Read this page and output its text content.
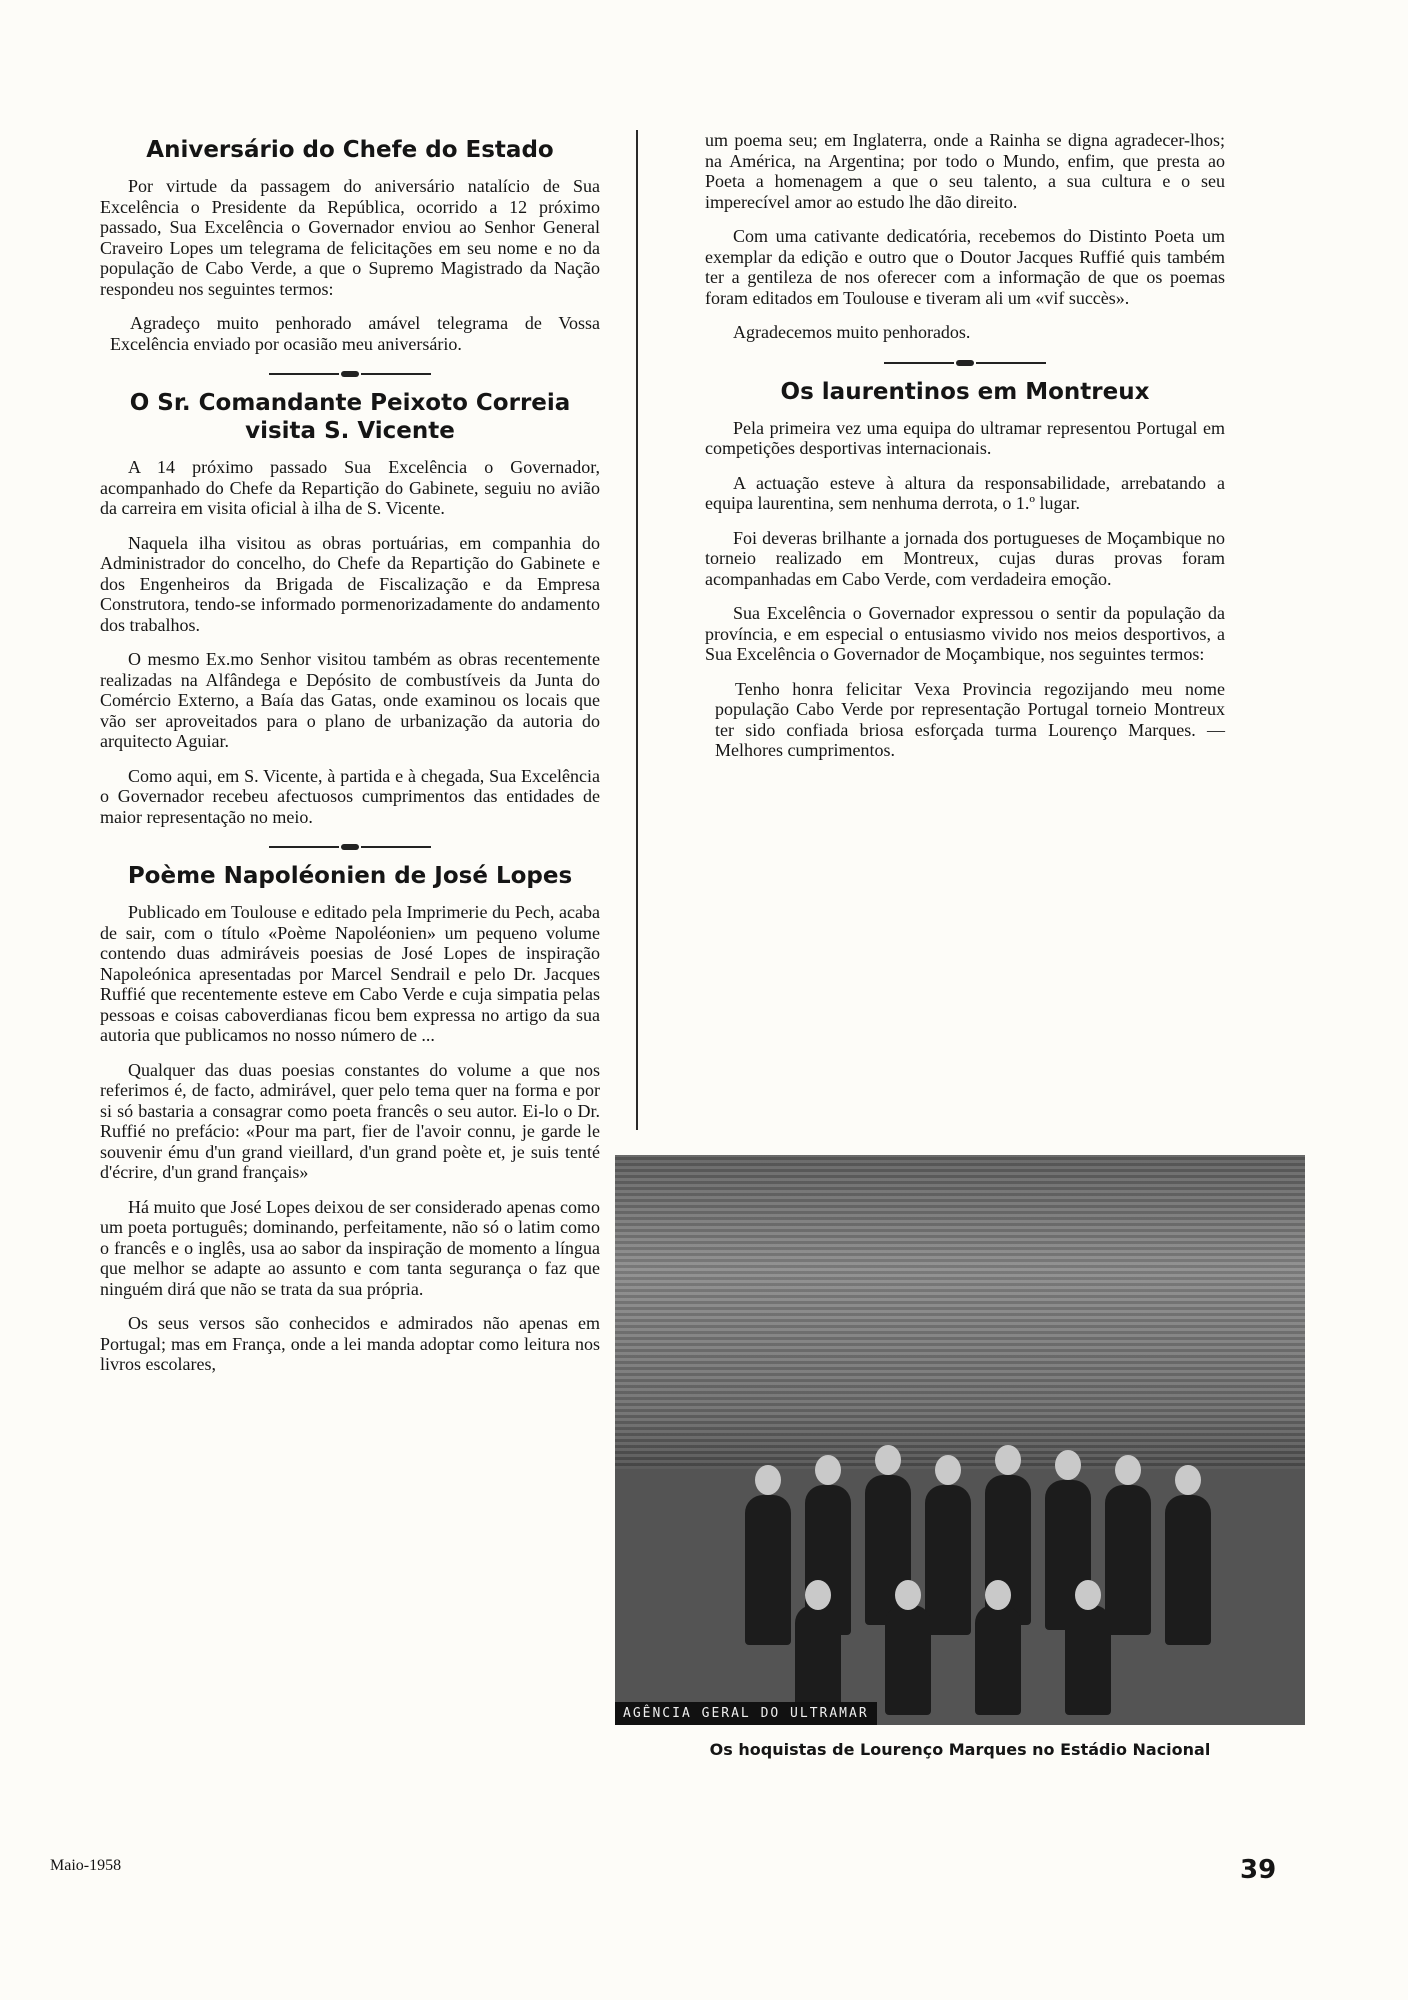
Aniversário do Chefe do Estado

Por virtude da passagem do aniversário natalício de Sua Excelência o Presidente da República, ocorrido a 12 próximo passado, Sua Excelência o Governador enviou ao Senhor General Craveiro Lopes um telegrama de felicitações em seu nome e no da população de Cabo Verde, a que o Supremo Magistrado da Nação respondeu nos seguintes termos:

Agradeço muito penhorado amável telegrama de Vossa Excelência enviado por ocasião meu aniversário.

O Sr. Comandante Peixoto Correia visita S. Vicente

A 14 próximo passado Sua Excelência o Governador, acompanhado do Chefe da Repartição do Gabinete, seguiu no avião da carreira em visita oficial à ilha de S. Vicente.

Naquela ilha visitou as obras portuárias, em companhia do Administrador do concelho, do Chefe da Repartição do Gabinete e dos Engenheiros da Brigada de Fiscalização e da Empresa Construtora, tendo-se informado pormenorizadamente do andamento dos trabalhos.

O mesmo Ex.mo Senhor visitou também as obras recentemente realizadas na Alfândega e Depósito de combustíveis da Junta do Comércio Externo, a Baía das Gatas, onde examinou os locais que vão ser aproveitados para o plano de urbanização da autoria do arquitecto Aguiar.

Como aqui, em S. Vicente, à partida e à chegada, Sua Excelência o Governador recebeu afectuosos cumprimentos das entidades de maior representação no meio.

Poème Napoléonien de José Lopes

Publicado em Toulouse e editado pela Imprimerie du Pech, acaba de sair, com o título «Poème Napoléonien» um pequeno volume contendo duas admiráveis poesias de José Lopes de inspiração Napoleónica apresentadas por Marcel Sendrail e pelo Dr. Jacques Ruffié que recentemente esteve em Cabo Verde e cuja simpatia pelas pessoas e coisas caboverdianas ficou bem expressa no artigo da sua autoria que publicamos no nosso número de ...

Qualquer das duas poesias constantes do volume a que nos referimos é, de facto, admirável, quer pelo tema quer na forma e por si só bastaria a consagrar como poeta francês o seu autor. Ei-lo o Dr. Ruffié no prefácio: «Pour ma part, fier de l'avoir connu, je garde le souvenir ému d'un grand vieillard, d'un grand poète et, je suis tenté d'écrire, d'un grand français»

Há muito que José Lopes deixou de ser considerado apenas como um poeta português; dominando, perfeitamente, não só o latim como o francês e o inglês, usa ao sabor da inspiração de momento a língua que melhor se adapte ao assunto e com tanta segurança o faz que ninguém dirá que não se trata da sua própria.

Os seus versos são conhecidos e admirados não apenas em Portugal; mas em França, onde a lei manda adoptar como leitura nos livros escolares,

um poema seu; em Inglaterra, onde a Rainha se digna agradecer-lhos; na América, na Argentina; por todo o Mundo, enfim, que presta ao Poeta a homenagem a que o seu talento, a sua cultura e o seu imperecível amor ao estudo lhe dão direito.

Com uma cativante dedicatória, recebemos do Distinto Poeta um exemplar da edição e outro que o Doutor Jacques Ruffié quis também ter a gentileza de nos oferecer com a informação de que os poemas foram editados em Toulouse e tiveram ali um «vif succès».

Agradecemos muito penhorados.

Os laurentinos em Montreux

Pela primeira vez uma equipa do ultramar representou Portugal em competições desportivas internacionais.

A actuação esteve à altura da responsabilidade, arrebatando a equipa laurentina, sem nenhuma derrota, o 1.º lugar.

Foi deveras brilhante a jornada dos portugueses de Moçambique no torneio realizado em Montreux, cujas duras provas foram acompanhadas em Cabo Verde, com verdadeira emoção.

Sua Excelência o Governador expressou o sentir da população da província, e em especial o entusiasmo vivido nos meios desportivos, a Sua Excelência o Governador de Moçambique, nos seguintes termos:

Tenho honra felicitar Vexa Provincia regozijando meu nome população Cabo Verde por representação Portugal torneio Montreux ter sido confiada briosa esforçada turma Lourenço Marques. — Melhores cumprimentos.

AGÊNCIA GERAL DO ULTRAMAR
Os hoquistas de Lourenço Marques no Estádio Nacional
Maio-1958	39
